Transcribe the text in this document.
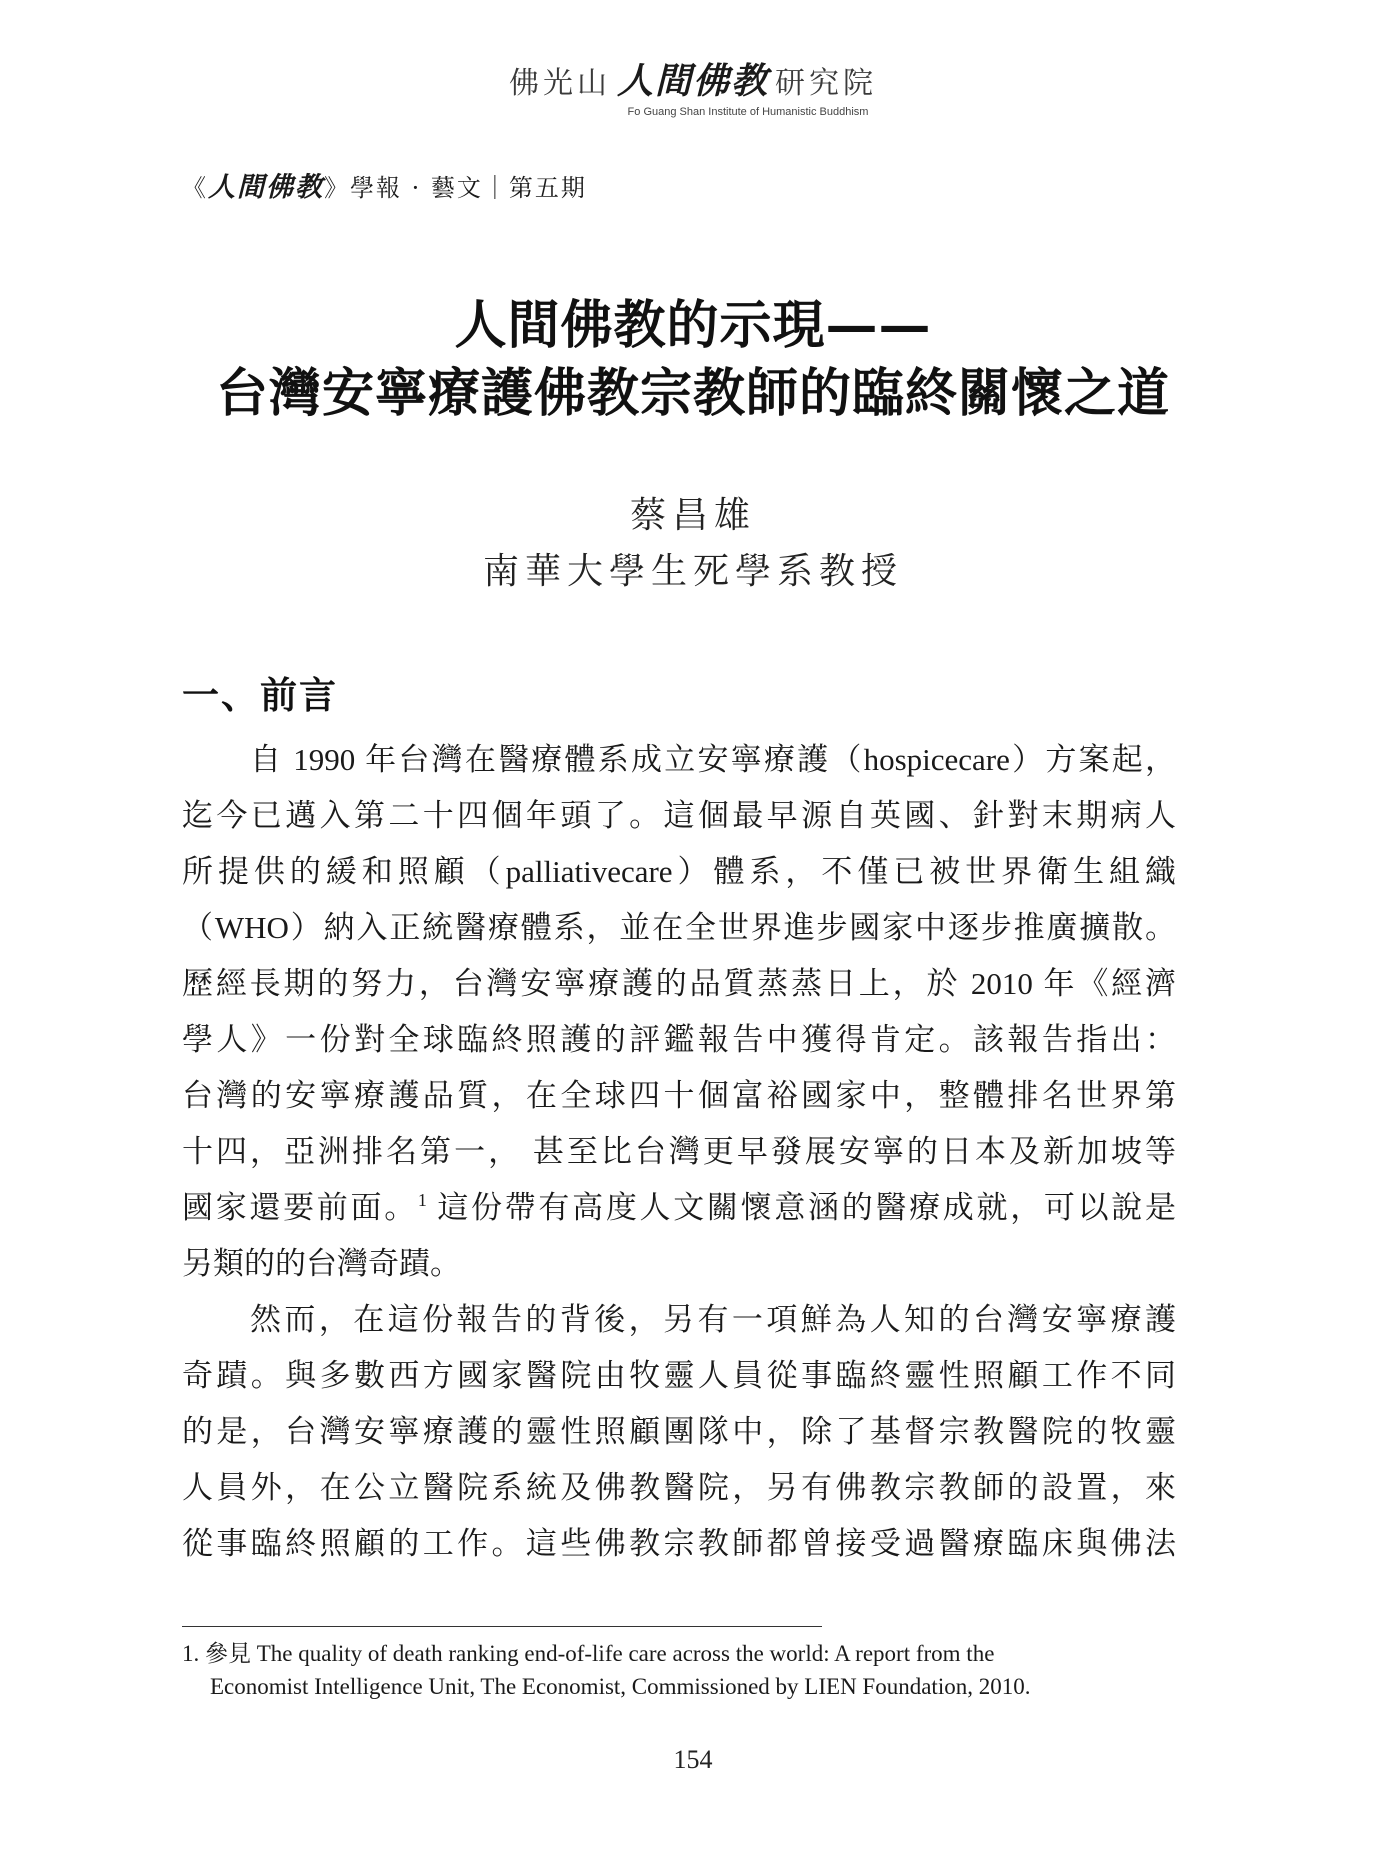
佛光山 人間佛教 研究院
Fo Guang Shan Institute of Humanistic Buddhism
《人間佛教》學報 · 藝文｜第五期
人間佛教的示現——
台灣安寧療護佛教宗教師的臨終關懷之道
蔡昌雄
南華大學生死學系教授
一、前言
自 1990 年台灣在醫療體系成立安寧療護（hospicecare）方案起，
迄今已邁入第二十四個年頭了。這個最早源自英國、針對末期病人
所提供的緩和照顧（palliativecare）體系，不僅已被世界衛生組織
（WHO）納入正統醫療體系，並在全世界進步國家中逐步推廣擴散。
歷經長期的努力，台灣安寧療護的品質蒸蒸日上，於 2010 年《經濟
學人》一份對全球臨終照護的評鑑報告中獲得肯定。該報告指出：
台灣的安寧療護品質，在全球四十個富裕國家中，整體排名世界第
十四，亞洲排名第一， 甚至比台灣更早發展安寧的日本及新加坡等
國家還要前面。$^1$ 這份帶有高度人文關懷意涵的醫療成就，可以說是
另類的的台灣奇蹟。
然而，在這份報告的背後，另有一項鮮為人知的台灣安寧療護
奇蹟。與多數西方國家醫院由牧靈人員從事臨終靈性照顧工作不同
的是，台灣安寧療護的靈性照顧團隊中，除了基督宗教醫院的牧靈
人員外，在公立醫院系統及佛教醫院，另有佛教宗教師的設置，來
從事臨終照顧的工作。這些佛教宗教師都曾接受過醫療臨床與佛法
1. 參見 The quality of death ranking end-of-life care across the world: A report from the
Economist Intelligence Unit, The Economist, Commissioned by LIEN Foundation, 2010.
154
